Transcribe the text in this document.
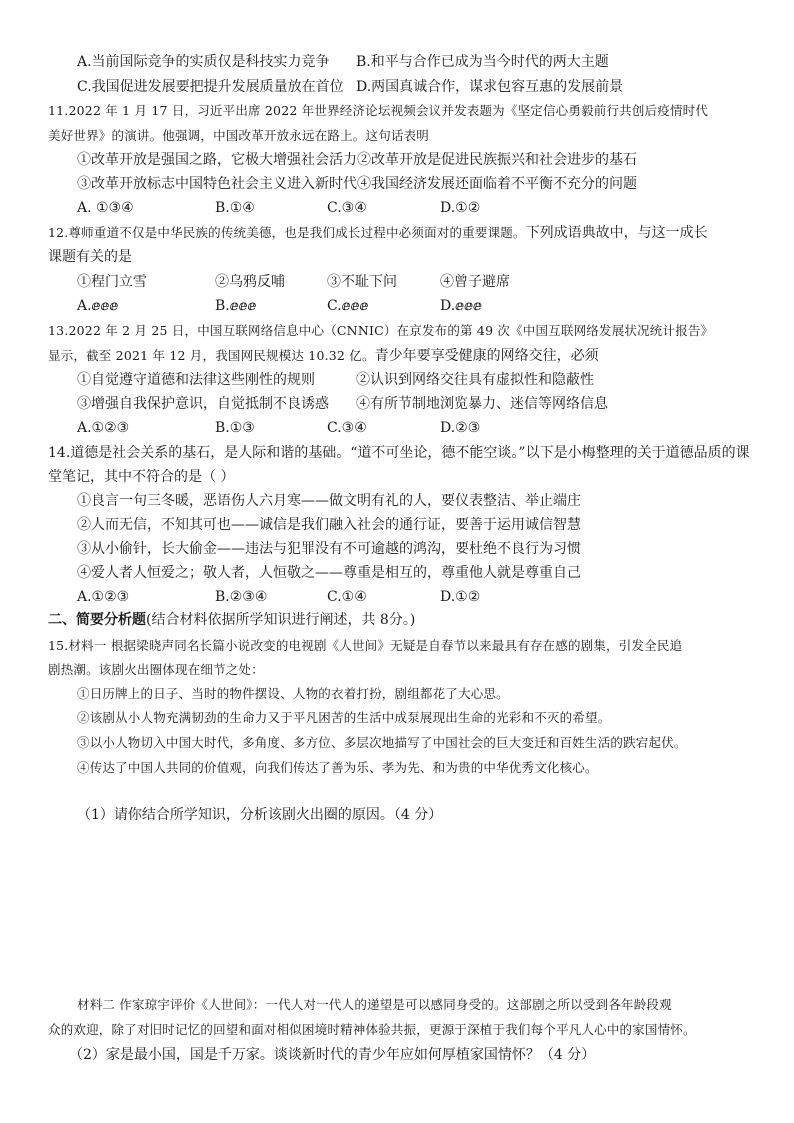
A.当前国际竞争的实质仅是科技实力竞争 B.和平与合作已成为当今时代的两大主题
C.我国促进发展要把提升发展质量放在首位 D.两国真诚合作，谋求包容互惠的发展前景
11.2022 年 1 月 17 日，习近平出席 2022 年世界经济论坛视频会议并发表题为《坚定信心勇毅前行共创后疫情时代
美好世界》的演讲。他强调，中国改革开放永远在路上。这句话表明
①改革开放是强国之路，它极大增强社会活力②改革开放是促进民族振兴和社会进步的基石
③改革开放标志中国特色社会主义进入新时代④我国经济发展还面临着不平衡不充分的问题
A. ①③④	B.①④	C.③④	D.①②
12.尊师重道不仅是中华民族的传统美德，也是我们成长过程中必须面对的重要课题。下列成语典故中，与这一成长
课题有关的是
①程门立雪	②乌鸦反哺	③不耻下问	④曾子避席
A.ⅇⅇⅇ	B.ⅇⅇⅇ	C.ⅇⅇⅇ	D.ⅇⅇⅇ
13.2022 年 2 月 25 日，中国互联网络信息中心（CNNIC）在京发布的第 49 次《中国互联网络发展状况统计报告》
显示，截至 2021 年 12 月，我国网民规模达 10.32 亿。青少年要享受健康的网络交往，必须
①自觉遵守道德和法律这些刚性的规则	②认识到网络交往具有虚拟性和隐蔽性
③增强自我保护意识，自觉抵制不良诱惑 ④有所节制地浏览暴力、迷信等网络信息
A.①②③	B.①③	C.③④	D.②③
14.道德是社会关系的基石，是人际和谐的基础。“道不可坐论，德不能空谈。”以下是小梅整理的关于道德品质的课
堂笔记，其中不符合的是（ ）
①良言一句三冬暖，恶语伤人六月寒——做文明有礼的人，要仪表整洁、举止端庄
②人而无信，不知其可也——诚信是我们融入社会的通行证，要善于运用诚信智慧
③从小偷针，长大偷金——违法与犯罪没有不可逾越的鸿沟，要杜绝不良行为习惯
④爱人者人恒爱之；敬人者，人恒敬之——尊重是相互的，尊重他人就是尊重自己
A.①②③	B.②③④	C.①④	D.①②
二、简要分析题(结合材料依据所学知识进行阐述，共 8分。)
15.材料一 根据梁晓声同名长篇小说改变的电视剧《人世间》无疑是自春节以来最具有存在感的剧集，引发全民追
剧热潮。该剧火出圈体现在细节之处：
①日历牌上的日子、当时的物件摆设、人物的衣着打扮，剧组都花了大心思。
②该剧从小人物充满韧劲的生命力又于平凡困苦的生活中成泵展现出生命的光彩和不灭的希望。
③以小人物切入中国大时代，多角度、多方位、多层次地描写了中国社会的巨大变迁和百姓生活的跌宕起伏。
④传达了中国人共同的价值观，向我们传达了善为乐、孝为先、和为贵的中华优秀文化核心。
（1）请你结合所学知识，分析该剧火出圈的原因。（4 分）
材料二 作家琼宇评价《人世间》：一代人对一代人的递望是可以感同身受的。这部剧之所以受到各年龄段观
众的欢迎，除了对旧时记忆的回望和面对相似困境时精神体验共振，更源于深植于我们每个平凡人心中的家国情怀。
（2）家是最小国，国是千万家。谈谈新时代的青少年应如何厚植家国情怀？（4 分）
